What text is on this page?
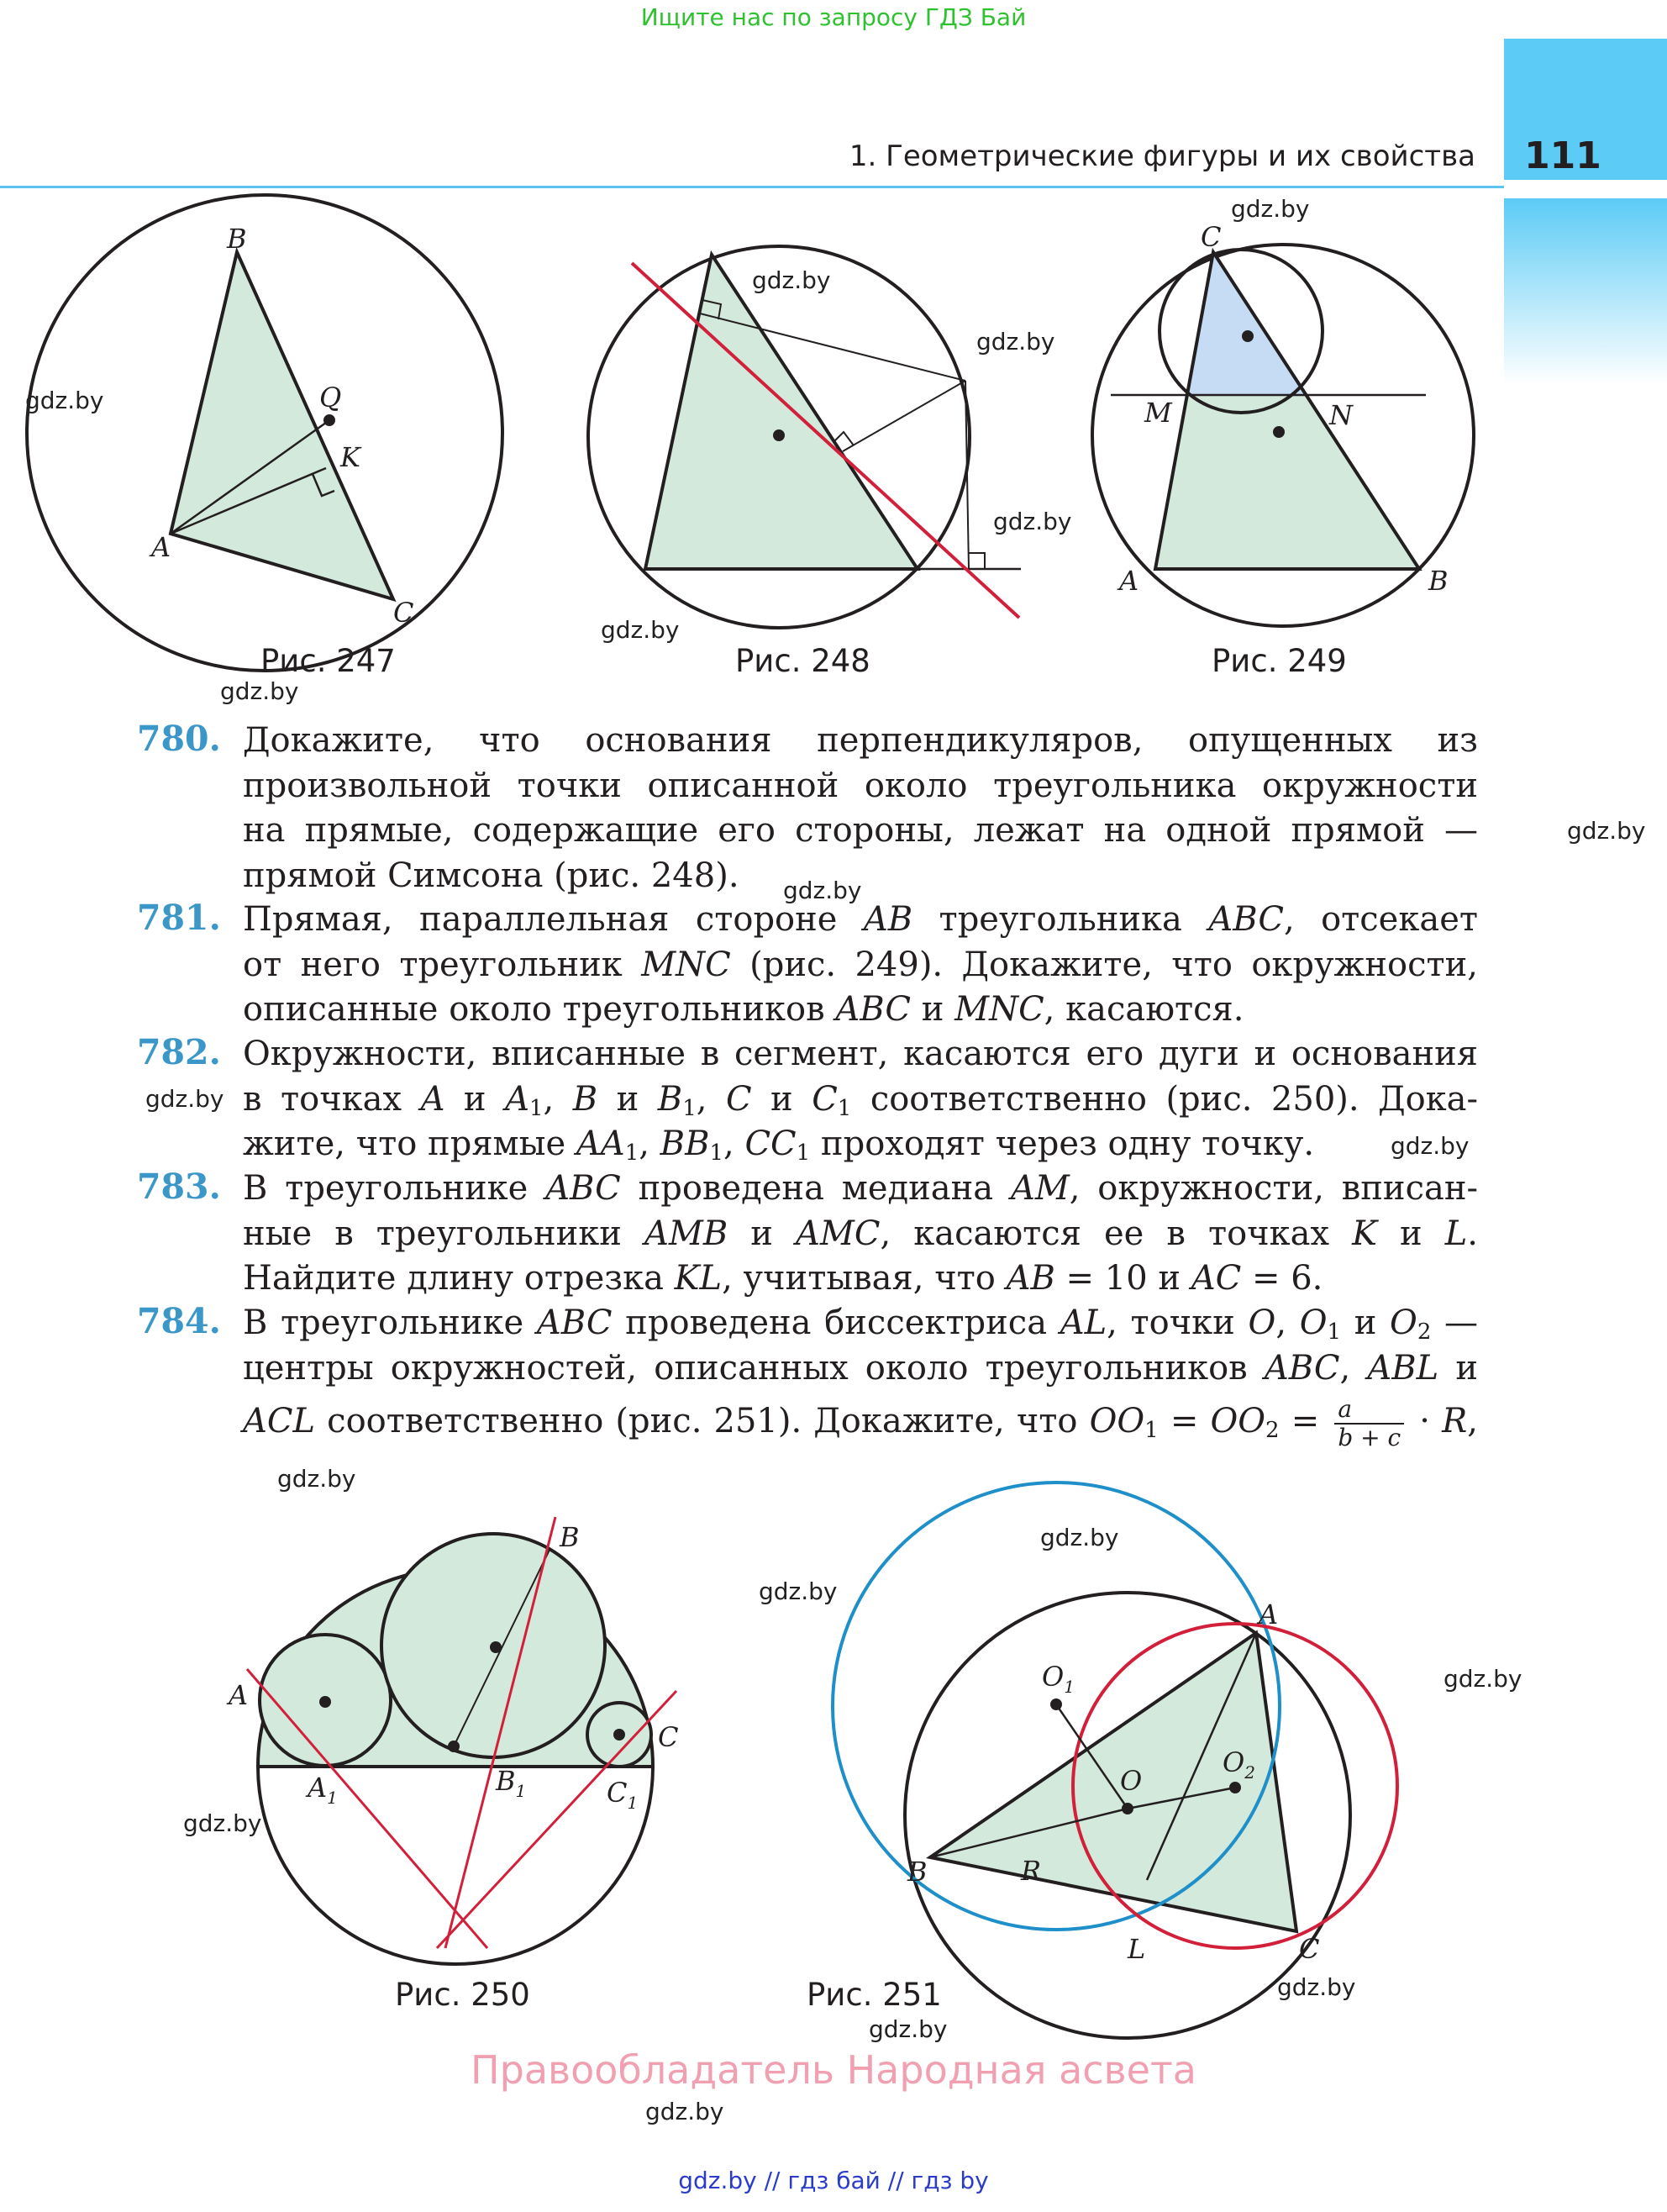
Ищите нас по запросу ГДЗ Бай
111
1. Геометрические фигуры и их свойства
B
Q
K
A
C
C
M	N
A	B
A
B
C
$A_1$
$B_1$	$C_1$
A
B
C
O
$O_1$
$O_2$
L
R
Рис. 247	Рис. 248	Рис. 249
Рис. 250	Рис. 251
780. Докажите, что основания перпендикуляров, опущенных из
произвольной точки описанной около треугольника окружности
на прямые, содержащие его стороны, лежат на одной прямой —
прямой Симсона (рис. 248).
781. Прямая, параллельная стороне AB треугольника ABC, отсекает
от него треугольник MNC (рис. 249). Докажите, что окружности,
описанные около треугольников ABC и MNC, касаются.
782. Окружности, вписанные в сегмент, касаются его дуги и основания
в точках A и $A_1$, B и $B_1$, C и $C_1$ соответственно (рис. 250). Дока-
жите, что прямые $AA_1$, $BB_1$, $CC_1$ проходят через одну точку.
783. В треугольнике ABC проведена медиана AM, окружности, вписан-
ные в треугольники AMB и AMC, касаются ее в точках K и L.
Найдите длину отрезка KL, учитывая, что AB = 10 и AC = 6.
784. В треугольнике ABC проведена биссектриса AL, точки O, $O_1$ и $O_2$ —
центры окружностей, описанных около треугольников ABC, ABL и
ACL соответственно (рис. 251). Докажите, что $OO_1 = OO_2 = \frac{a}{b + c} \cdot R$,
gdz.by
gdz.by
gdz.by
gdz.by
gdz.by
gdz.by
gdz.by
gdz.by
gdz.by
gdz.by
gdz.by
gdz.by
gdz.by
gdz.by
gdz.by
gdz.by
gdz.by
gdz.by
gdz.by
Правообладатель Народная асвета
gdz.by // гдз бай // гдз by
